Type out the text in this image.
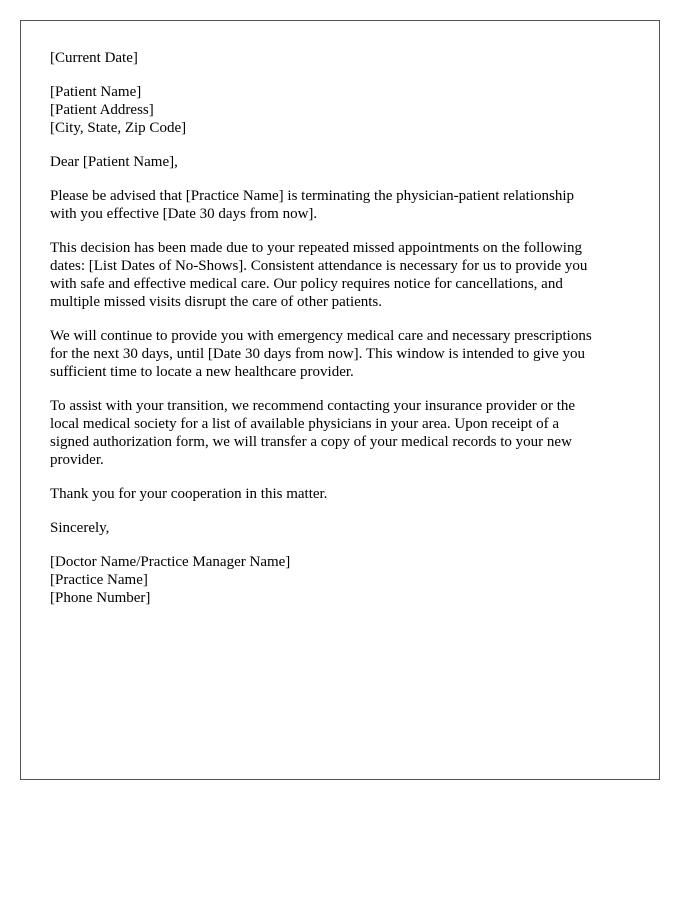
[Current Date]
[Patient Name]
[Patient Address]
[City, State, Zip Code]
Dear [Patient Name],
Please be advised that [Practice Name] is terminating the physician-patient relationship
with you effective [Date 30 days from now].
This decision has been made due to your repeated missed appointments on the following
dates: [List Dates of No-Shows]. Consistent attendance is necessary for us to provide you
with safe and effective medical care. Our policy requires notice for cancellations, and
multiple missed visits disrupt the care of other patients.
We will continue to provide you with emergency medical care and necessary prescriptions
for the next 30 days, until [Date 30 days from now]. This window is intended to give you
sufficient time to locate a new healthcare provider.
To assist with your transition, we recommend contacting your insurance provider or the
local medical society for a list of available physicians in your area. Upon receipt of a
signed authorization form, we will transfer a copy of your medical records to your new
provider.
Thank you for your cooperation in this matter.
Sincerely,
[Doctor Name/Practice Manager Name]
[Practice Name]
[Phone Number]
